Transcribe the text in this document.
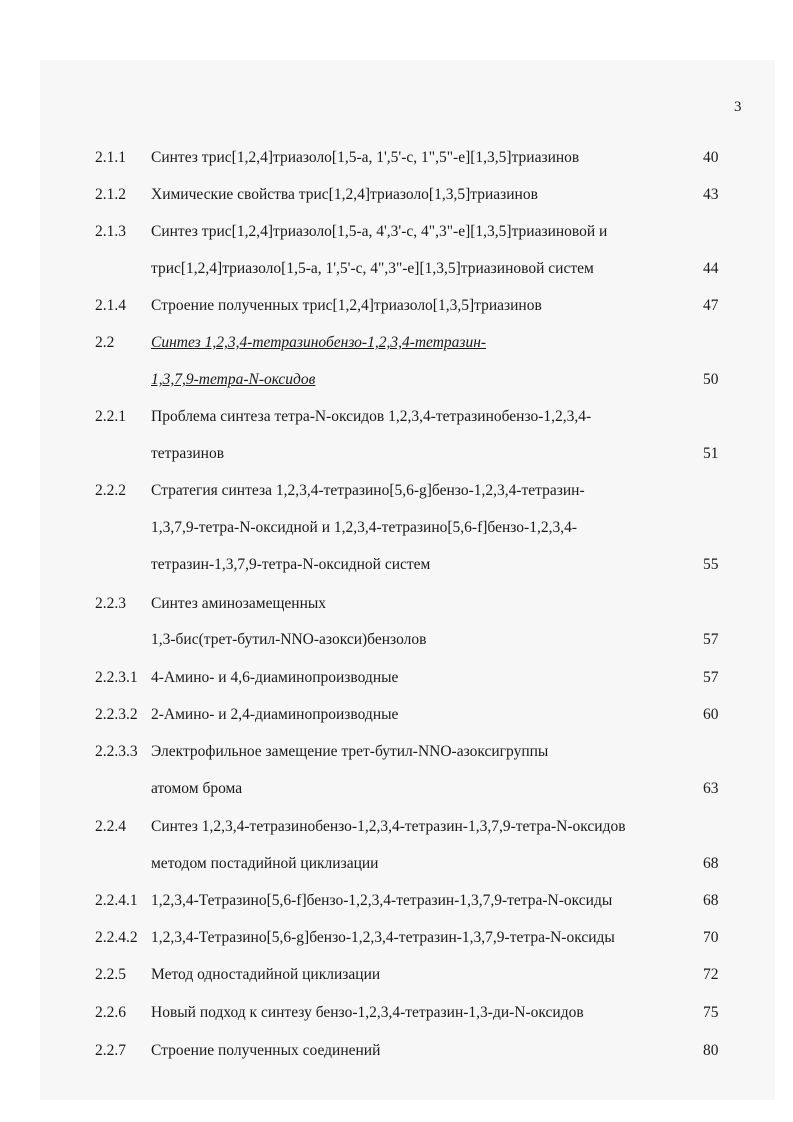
3
2.1.1 Синтез трис[1,2,4]триазоло[1,5-a, 1',5'-c, 1",5"-e][1,3,5]триазинов	40
2.1.2 Химические свойства трис[1,2,4]триазоло[1,3,5]триазинов	43
2.1.3 Синтез трис[1,2,4]триазоло[1,5-a, 4',3'-c, 4",3"-e][1,3,5]триазиновой и
трис[1,2,4]триазоло[1,5-a, 1',5'-c, 4",3"-e][1,3,5]триазиновой систем	44
2.1.4 Строение полученных трис[1,2,4]триазоло[1,3,5]триазинов	47
2.2 Синтез 1,2,3,4-тетразинобензо-1,2,3,4-тетразин-
1,3,7,9-тетра-N-оксидов	50
2.2.1 Проблема синтеза тетра-N-оксидов 1,2,3,4-тетразинобензо-1,2,3,4-
тетразинов	51
2.2.2 Стратегия синтеза 1,2,3,4-тетразино[5,6-g]бензо-1,2,3,4-тетразин-
1,3,7,9-тетра-N-оксидной и 1,2,3,4-тетразино[5,6-f]бензо-1,2,3,4-
тетразин-1,3,7,9-тетра-N-оксидной систем	55
2.2.3 Синтез аминозамещенных
1,3-бис(трет-бутил-NNO-азокси)бензолов	57
2.2.3.1 4-Амино- и 4,6-диаминопроизводные	57
2.2.3.2 2-Амино- и 2,4-диаминопроизводные	60
2.2.3.3 Электрофильное замещение трет-бутил-NNO-азоксигруппы
атомом брома	63
2.2.4 Синтез 1,2,3,4-тетразинобензо-1,2,3,4-тетразин-1,3,7,9-тетра-N-оксидов
методом постадийной циклизации	68
2.2.4.1 1,2,3,4-Тетразино[5,6-f]бензо-1,2,3,4-тетразин-1,3,7,9-тетра-N-оксиды	68
2.2.4.2 1,2,3,4-Тетразино[5,6-g]бензо-1,2,3,4-тетразин-1,3,7,9-тетра-N-оксиды	70
2.2.5 Метод одностадийной циклизации	72
2.2.6 Новый подход к синтезу бензо-1,2,3,4-тетразин-1,3-ди-N-оксидов	75
2.2.7 Строение полученных соединений	80
